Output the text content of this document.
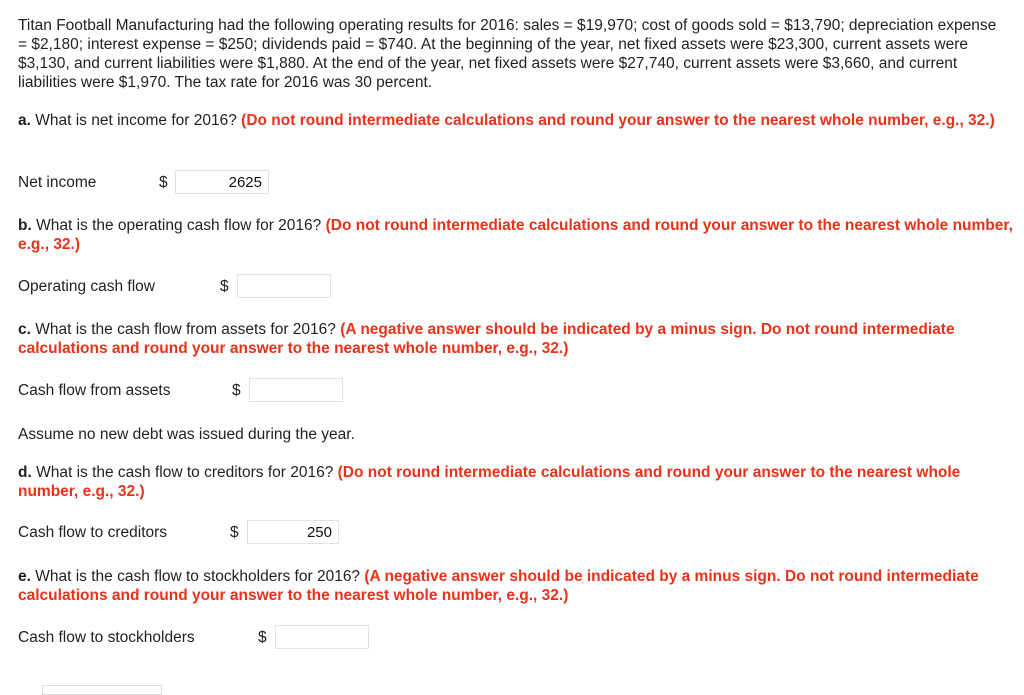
Titan Football Manufacturing had the following operating results for 2016: sales = $19,970; cost of goods sold = $13,790; depreciation expense = $2,180; interest expense = $250; dividends paid = $740. At the beginning of the year, net fixed assets were $23,300, current assets were $3,130, and current liabilities were $1,880. At the end of the year, net fixed assets were $27,740, current assets were $3,660, and current liabilities were $1,970. The tax rate for 2016 was 30 percent.

a. What is net income for 2016? (Do not round intermediate calculations and round your answer to the nearest whole number, e.g., 32.)

Net income	$	2625

b. What is the operating cash flow for 2016? (Do not round intermediate calculations and round your answer to the nearest whole number, e.g., 32.)

Operating cash flow	$

c. What is the cash flow from assets for 2016? (A negative answer should be indicated by a minus sign. Do not round intermediate calculations and round your answer to the nearest whole number, e.g., 32.)

Cash flow from assets	$

Assume no new debt was issued during the year.

d. What is the cash flow to creditors for 2016? (Do not round intermediate calculations and round your answer to the nearest whole number, e.g., 32.)

Cash flow to creditors	$	250

e. What is the cash flow to stockholders for 2016? (A negative answer should be indicated by a minus sign. Do not round intermediate calculations and round your answer to the nearest whole number, e.g., 32.)

Cash flow to stockholders	$
